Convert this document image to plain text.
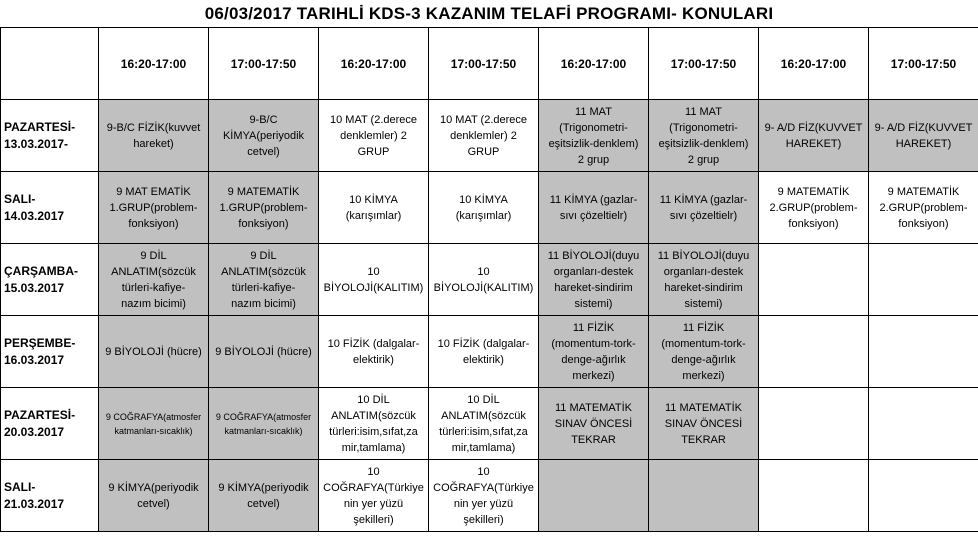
06/03/2017 TARIHLİ KDS-3 KAZANIM TELAFİ PROGRAMI- KONULARI
	16:20-17:00	17:00-17:50	16:20-17:00	17:00-17:50	16:20-17:00	17:00-17:50	16:20-17:00	17:00-17:50

PAZARTESİ-
13.03.2017-	9-B/C FİZİK(kuvvet hareket)	9-B/C
KİMYA(periyodik
cetvel)	10 MAT (2.derece
denklemler) 2
GRUP	10 MAT (2.derece
denklemler) 2
GRUP	11 MAT
(Trigonometri-
eşitsizlik-denklem)
2 grup	11 MAT
(Trigonometri-
eşitsizlik-denklem)
2 grup	9- A/D FİZ(KUVVET
HAREKET)	9- A/D FİZ(KUVVET
HAREKET)

SALI-
14.03.2017	9 MAT EMATİK
1.GRUP(problem-
fonksiyon)	9 MATEMATİK
1.GRUP(problem-
fonksiyon)	10 KİMYA
(karışımlar)	10 KİMYA
(karışımlar)	11 KİMYA (gazlar-
sıvı çözeltielr)	11 KİMYA (gazlar-
sıvı çözeltielr)	9 MATEMATİK
2.GRUP(problem-
fonksiyon)	9 MATEMATİK
2.GRUP(problem-
fonksiyon)

ÇARŞAMBA-
15.03.2017	9 DİL
ANLATIM(sözcük
türleri-kafiye-
nazım bicimi)	9 DİL
ANLATIM(sözcük
türleri-kafiye-
nazım bicimi)	10
BİYOLOJİ(KALITIM)	10
BİYOLOJİ(KALITIM)	11 BİYOLOJİ(duyu
organları-destek
hareket-sindirim
sistemi)	11 BİYOLOJİ(duyu
organları-destek
hareket-sindirim
sistemi)		

PERŞEMBE-
16.03.2017	9 BİYOLOJİ (hücre)	9 BİYOLOJİ (hücre)	10 FİZİK (dalgalar-
elektirik)	10 FİZİK (dalgalar-
elektirik)	11 FİZİK
(momentum-tork-
denge-ağırlık
merkezi)	11 FİZİK
(momentum-tork-
denge-ağırlık
merkezi)		

PAZARTESİ-
20.03.2017	9 COĞRAFYA(atmosfer
katmanları-sıcaklık)	9 COĞRAFYA(atmosfer
katmanları-sıcaklık)	10 DİL
ANLATIM(sözcük
türleri:isim,sıfat,za
mir,tamlama)	10 DİL
ANLATIM(sözcük
türleri:isim,sıfat,za
mir,tamlama)	11 MATEMATİK
SINAV ÖNCESİ
TEKRAR	11 MATEMATİK
SINAV ÖNCESİ
TEKRAR		

SALI-
21.03.2017	9 KİMYA(periyodik
cetvel)	9 KİMYA(periyodik
cetvel)	10
COĞRAFYA(Türkiye
nin yer yüzü
şekilleri)	10
COĞRAFYA(Türkiye
nin yer yüzü
şekilleri)				
